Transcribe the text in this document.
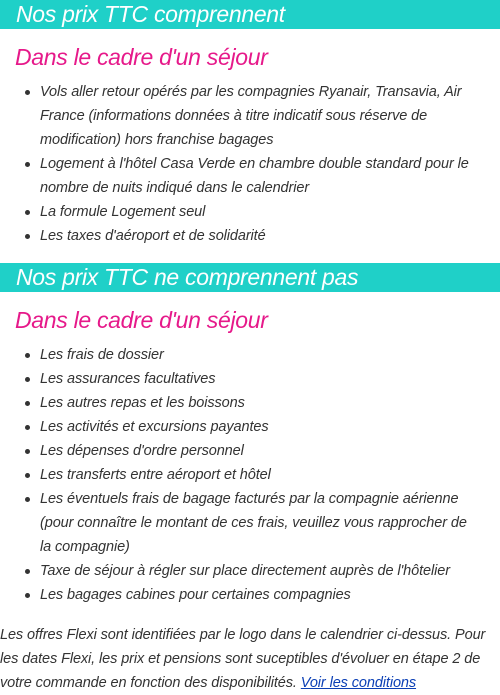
Nos prix TTC comprennent
Dans le cadre d'un séjour
Vols aller retour opérés par les compagnies Ryanair, Transavia, Air France (informations données à titre indicatif sous réserve de modification) hors franchise bagages
Logement à l'hôtel Casa Verde en chambre double standard pour le nombre de nuits indiqué dans le calendrier
La formule Logement seul
Les taxes d'aéroport et de solidarité
Nos prix TTC ne comprennent pas
Dans le cadre d'un séjour
Les frais de dossier
Les assurances facultatives
Les autres repas et les boissons
Les activités et excursions payantes
Les dépenses d'ordre personnel
Les transferts entre aéroport et hôtel
Les éventuels frais de bagage facturés par la compagnie aérienne (pour connaître le montant de ces frais, veuillez vous rapprocher de la compagnie)
Taxe de séjour à régler sur place directement auprès de l'hôtelier
Les bagages cabines pour certaines compagnies

Les offres Flexi sont identifiées par le logo dans le calendrier ci-dessus. Pour les dates Flexi, les prix et pensions sont suceptibles d'évoluer en étape 2 de votre commande en fonction des disponibilités. Voir les conditions
